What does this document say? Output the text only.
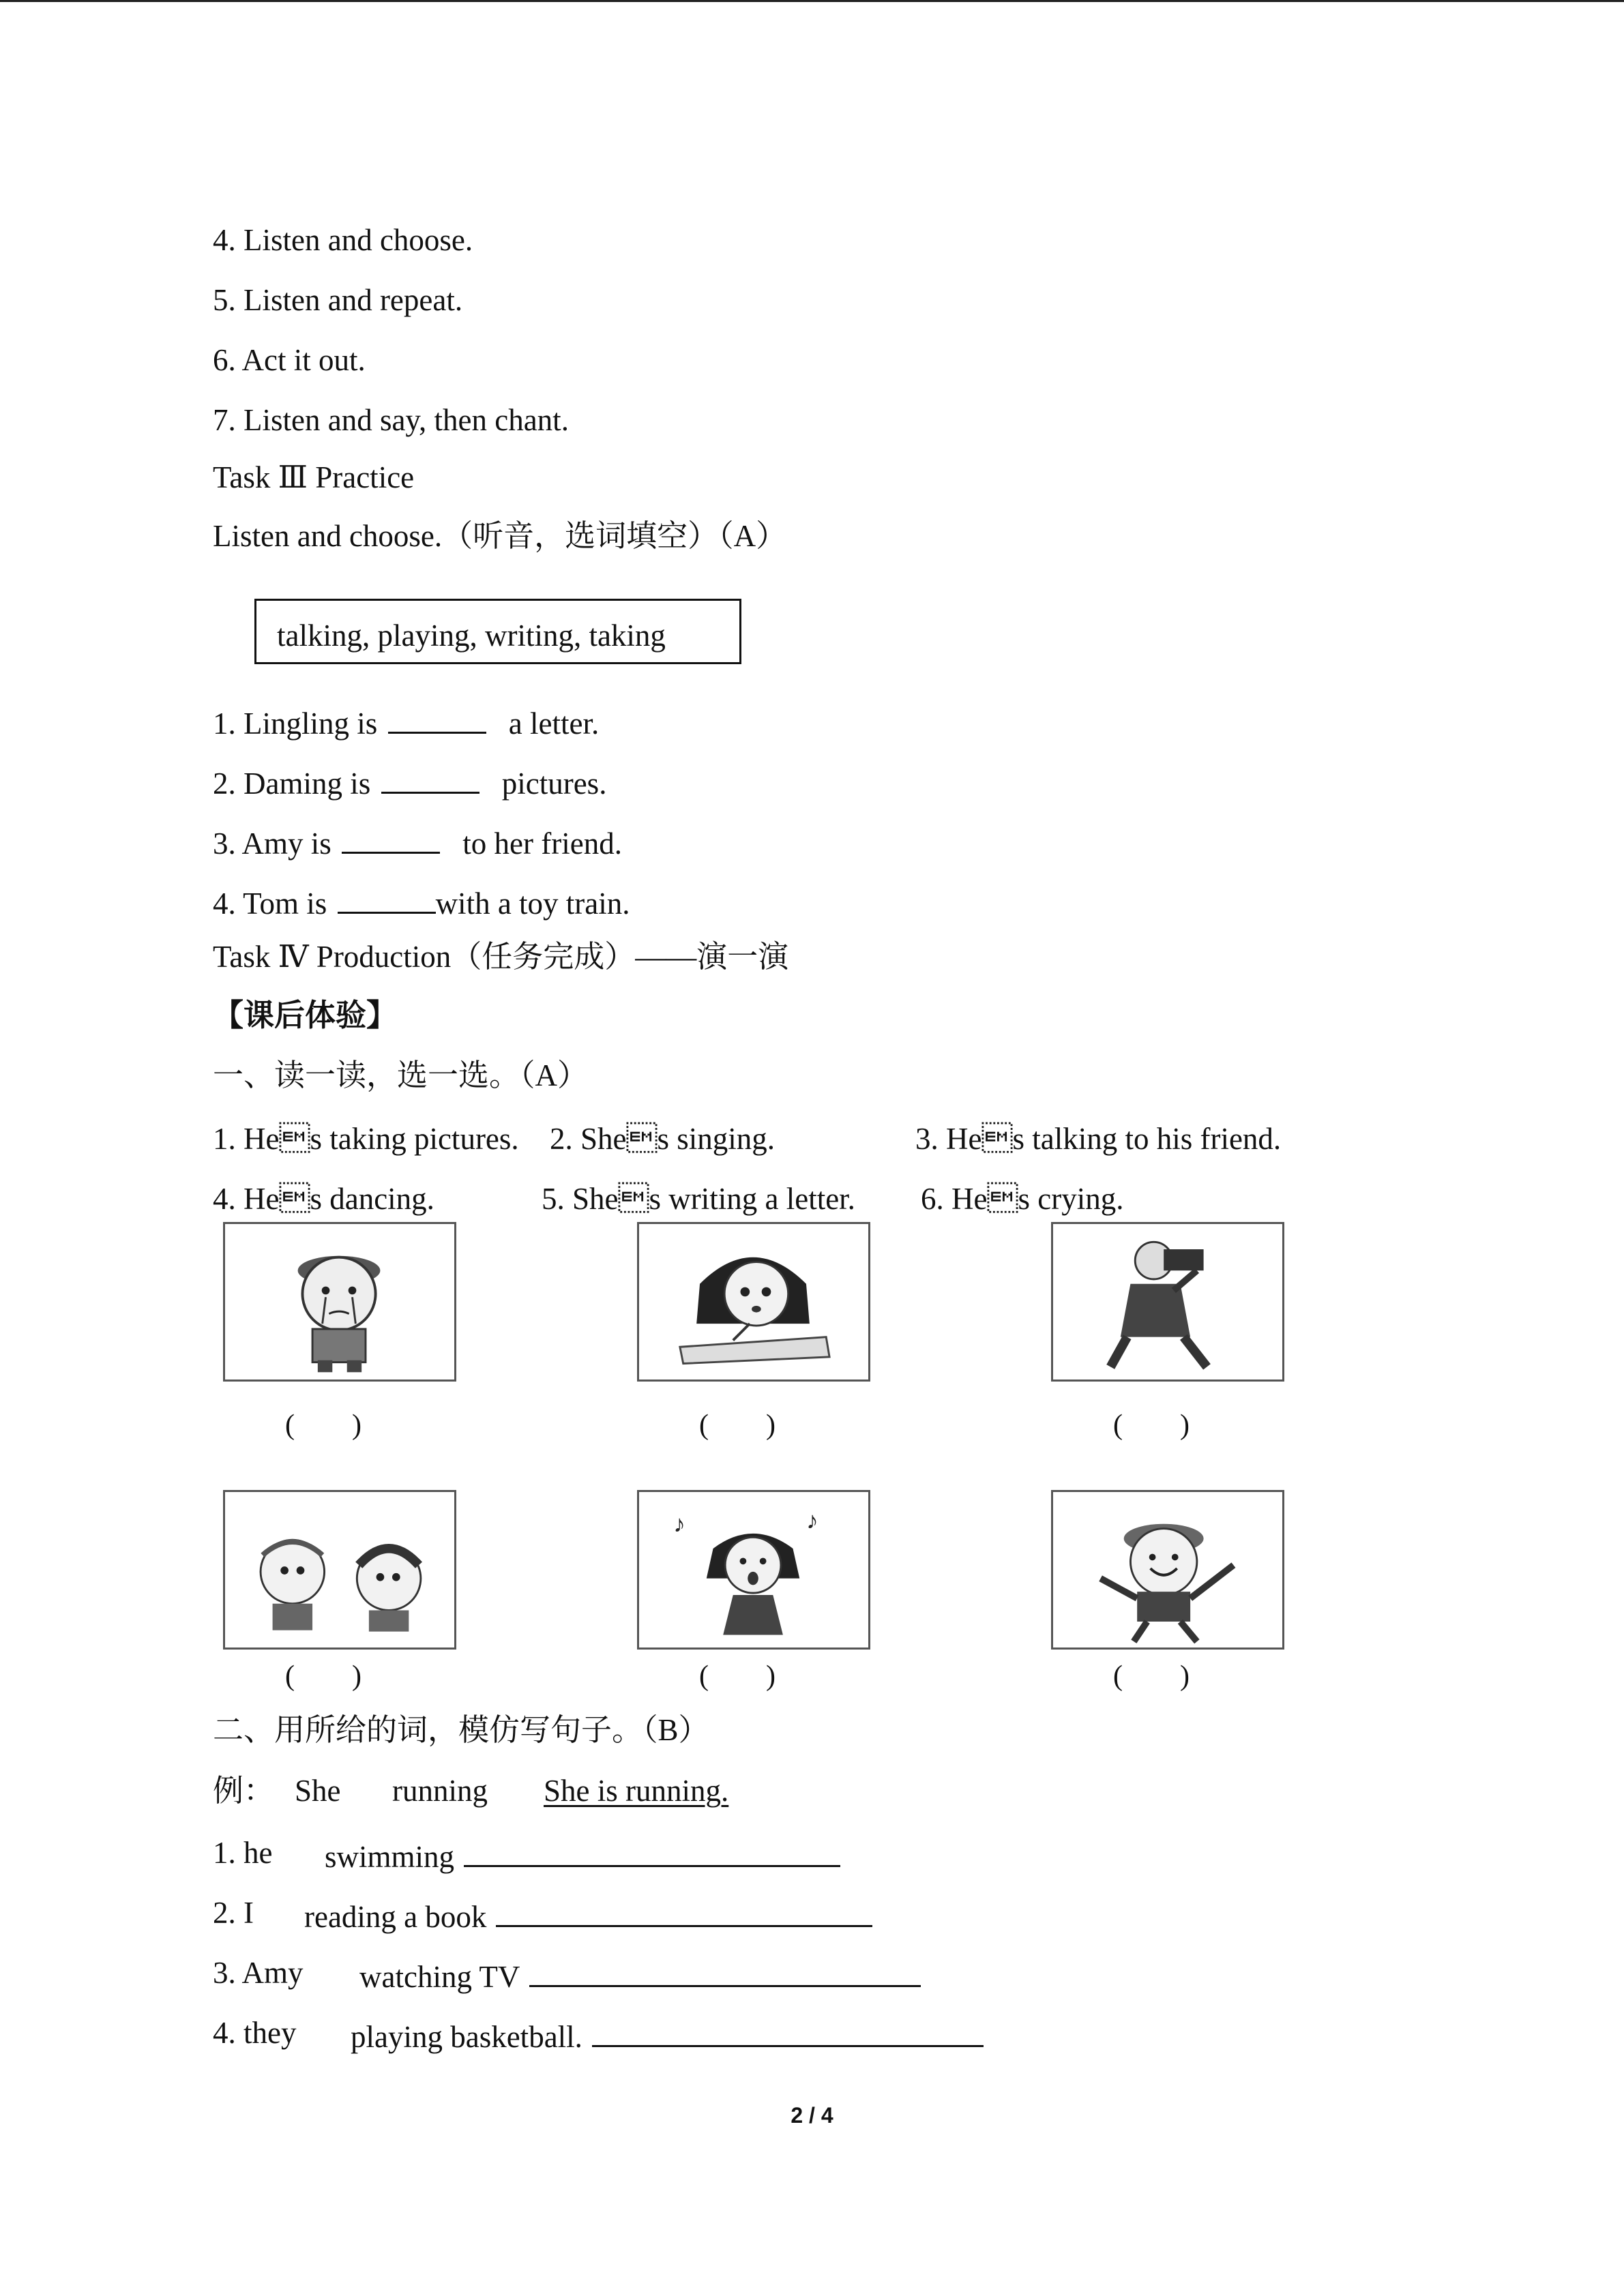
4. Listen and choose.
5. Listen and repeat.
6. Act it out.
7. Listen and say, then chant.
Task Ⅲ Practice
Listen and choose.（听音，选词填空）（A）
talking, playing, writing, taking
1. Lingling is	a letter.
2. Daming is	pictures.
3. Amy is	to her friend.
4. Tom is	with a toy train.
Task Ⅳ Production（任务完成）——演一演
【课后体验】
一、读一读，选一选。（A）
1. Hes taking pictures. 2. Shes singing.	3. Hes talking to his friend.
4. Hes dancing.	5. Shes writing a letter. 6. Hes crying.
(        )	(        )	(        )
♪	♪
(        )	(        )	(        )
二、用所给的词，模仿写句子。（B）
例： She running She is running.
1. he swimming
2. I reading a book
3. Amy watching TV
4. they playing basketball.
2 / 4
